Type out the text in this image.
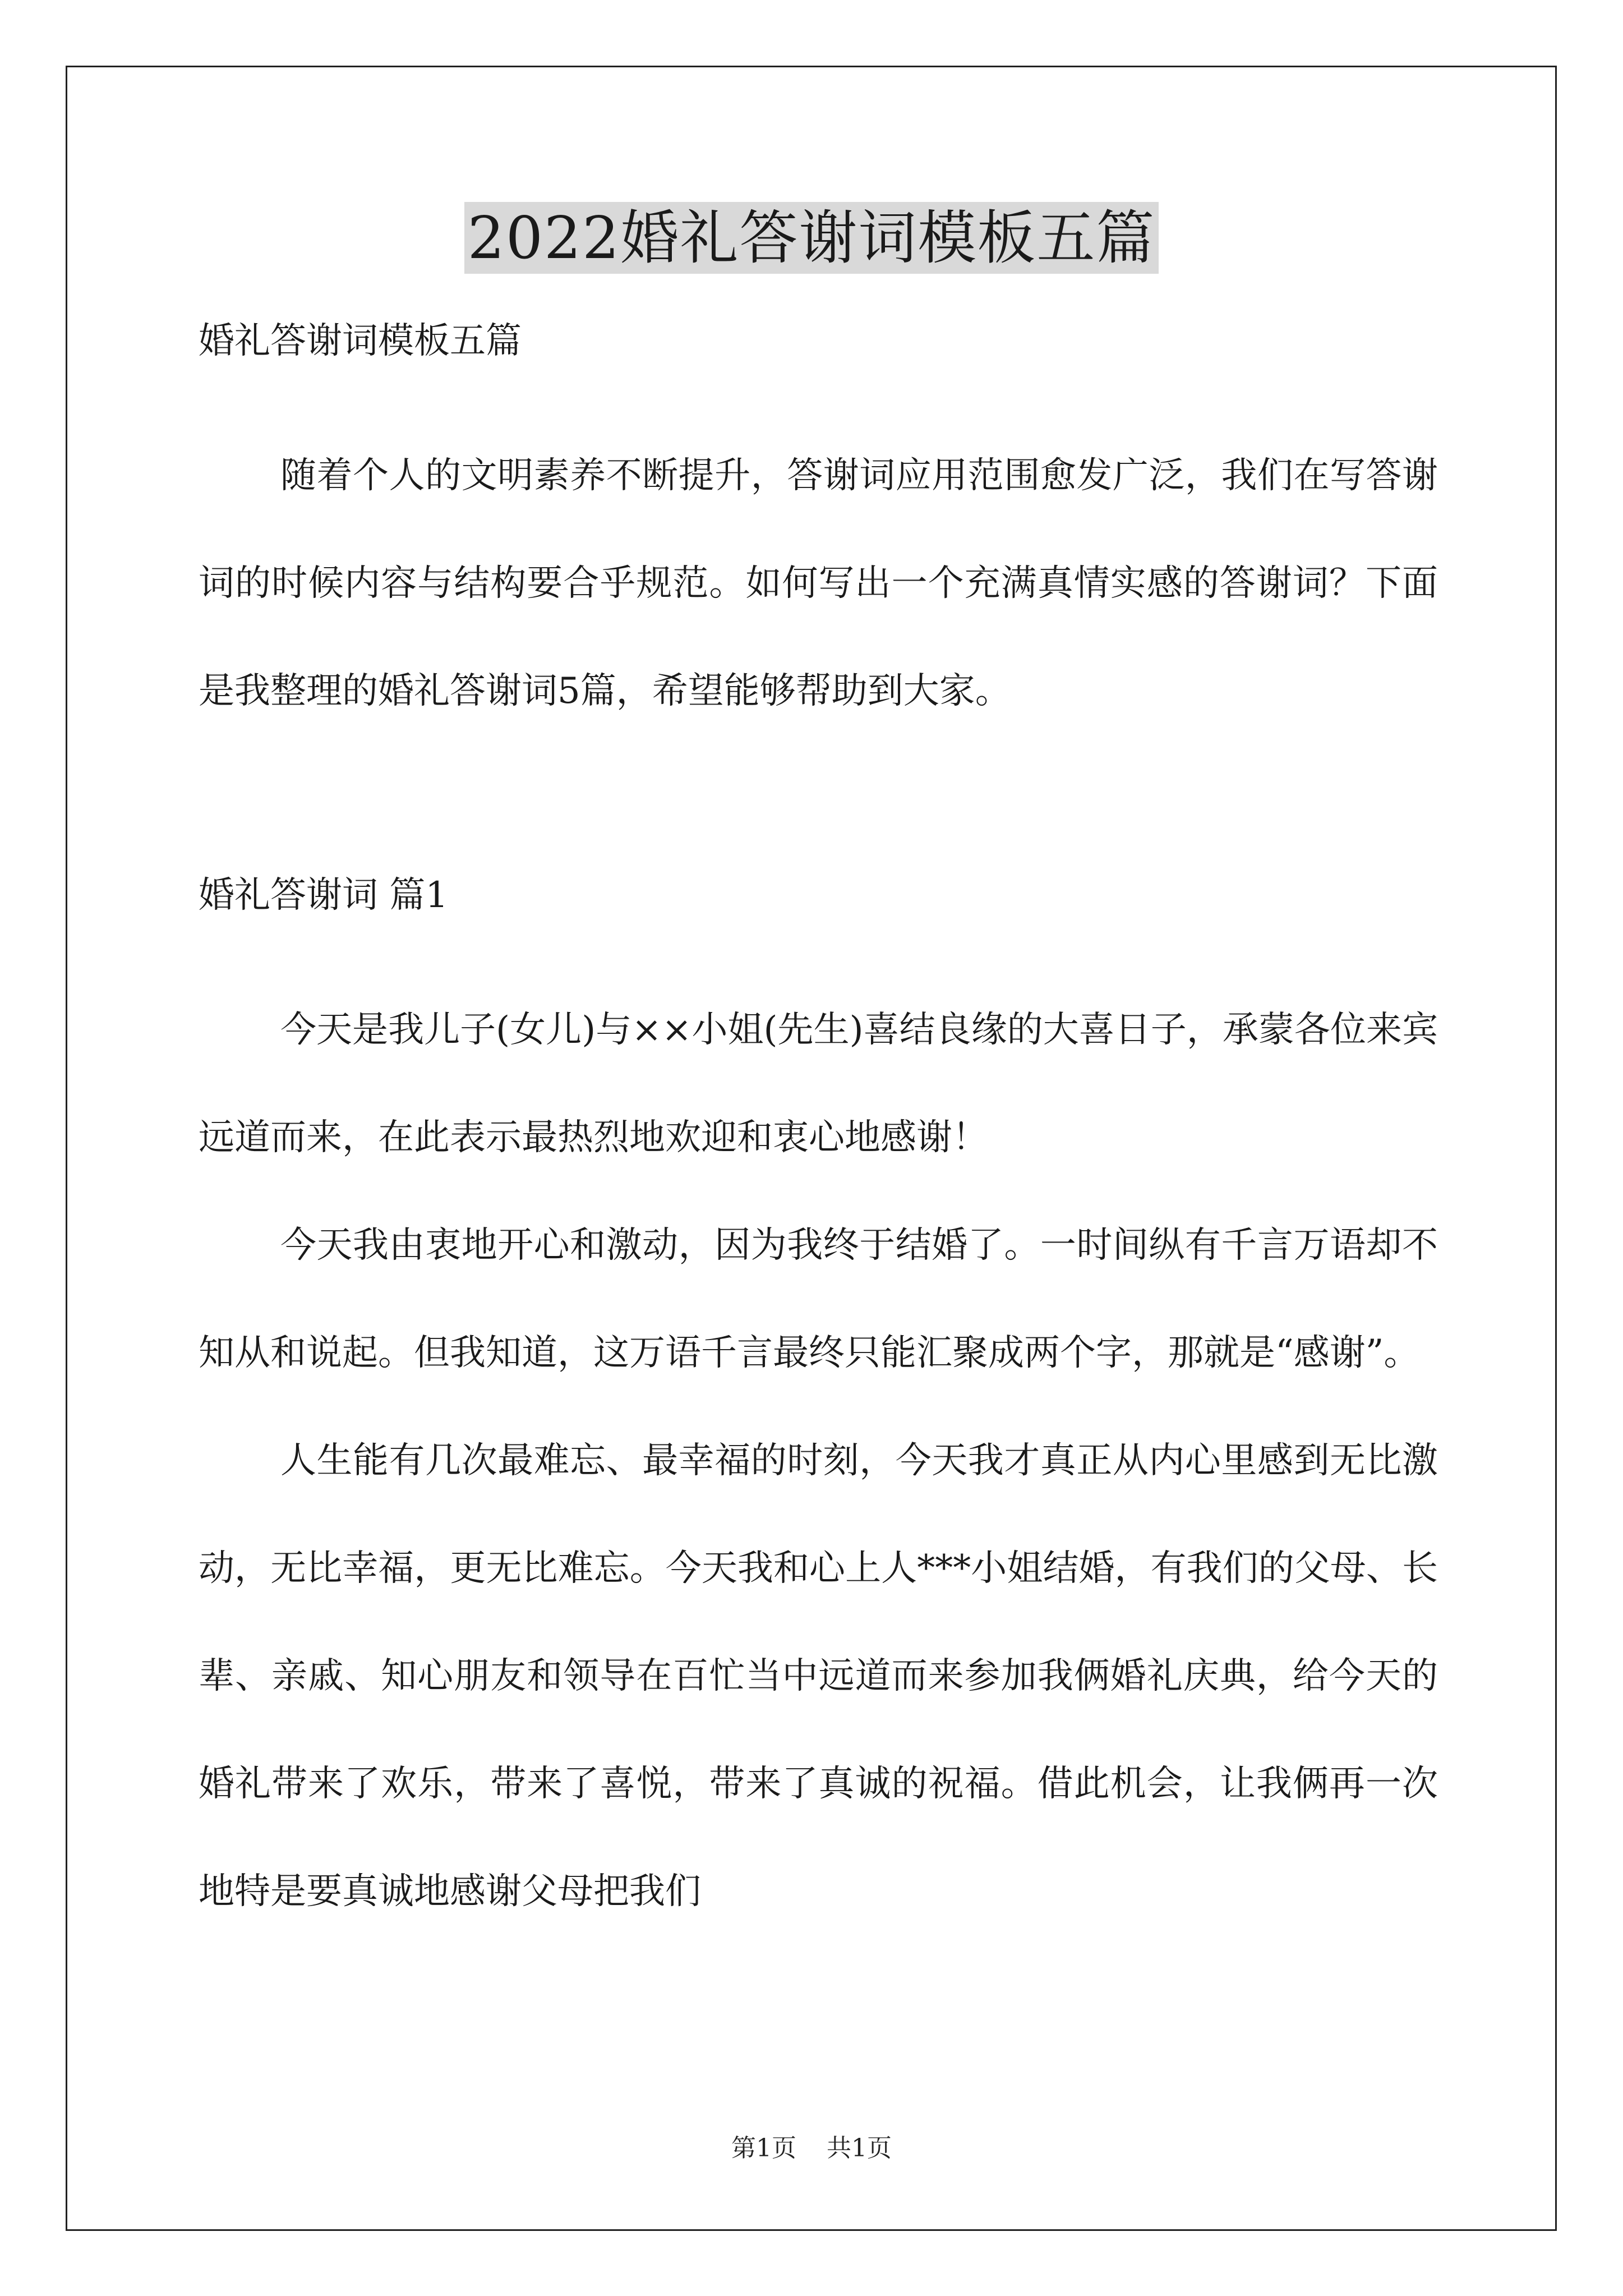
2022婚礼答谢词模板五篇

婚礼答谢词模板五篇

随着个人的文明素养不断提升，答谢词应用范围愈发广泛，我们在写答谢词的时候内容与结构要合乎规范。如何写出一个充满真情实感的答谢词？下面是我整理的婚礼答谢词5篇，希望能够帮助到大家。

婚礼答谢词 篇1

今天是我儿子(女儿)与××小姐(先生)喜结良缘的大喜日子，承蒙各位来宾远道而来，在此表示最热烈地欢迎和衷心地感谢！

今天我由衷地开心和激动，因为我终于结婚了。一时间纵有千言万语却不知从和说起。但我知道，这万语千言最终只能汇聚成两个字，那就是“感谢”。

人生能有几次最难忘、最幸福的时刻，今天我才真正从内心里感到无比激动，无比幸福，更无比难忘。今天我和心上人***小姐结婚，有我们的父母、长辈、亲戚、知心朋友和领导在百忙当中远道而来参加我俩婚礼庆典，给今天的婚礼带来了欢乐，带来了喜悦，带来了真诚的祝福。借此机会，让我俩再一次地特是要真诚地感谢父母把我们

第1页 共1页
